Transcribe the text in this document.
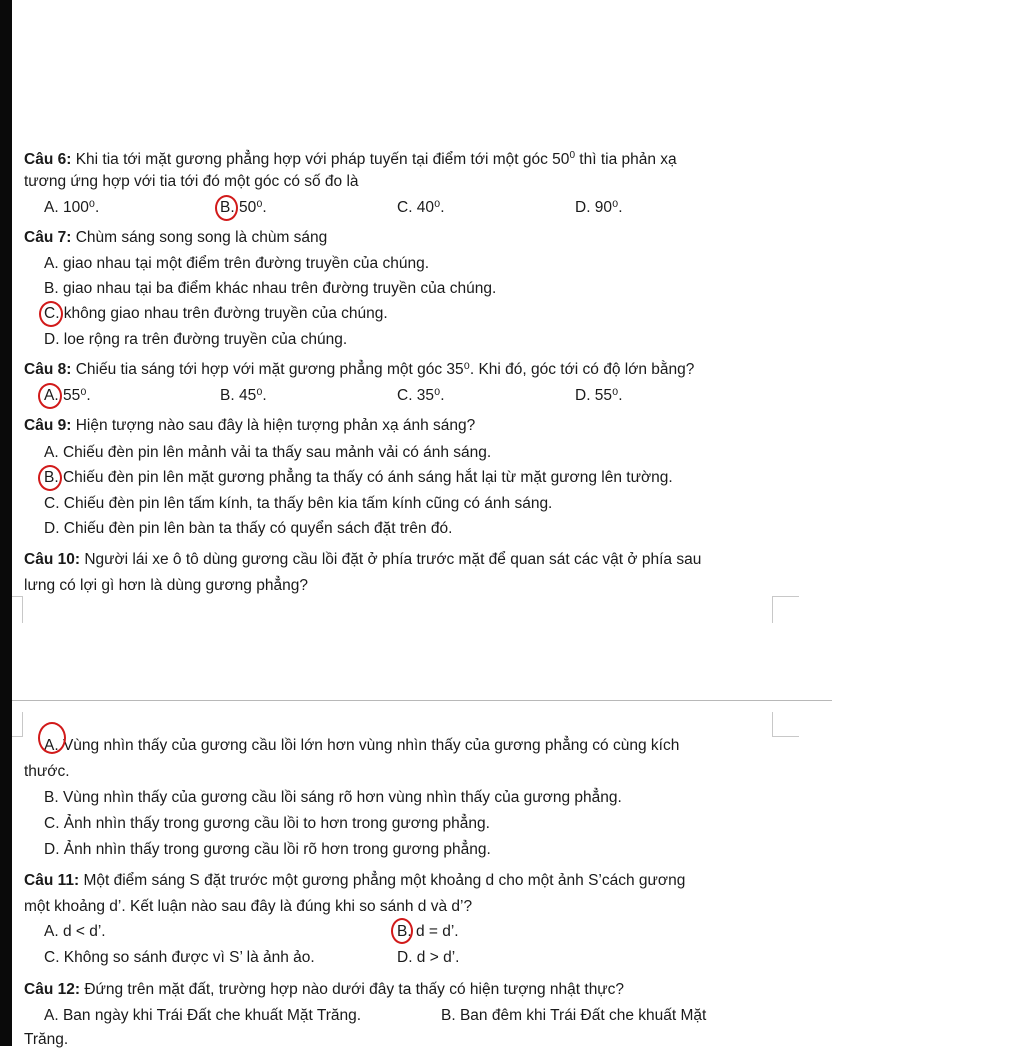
Câu 6: Khi tia tới mặt gương phẳng hợp với pháp tuyến tại điểm tới một góc $50^0$ thì tia phản xạ
tương ứng hợp với tia tới đó một góc có số đo là
A. 100⁰.	B. 50⁰.	C. 40⁰.	D. 90⁰.
Câu 7: Chùm sáng song song là chùm sáng
A. giao nhau tại một điểm trên đường truyền của chúng.
B. giao nhau tại ba điểm khác nhau trên đường truyền của chúng.
C. không giao nhau trên đường truyền của chúng.
D. loe rộng ra trên đường truyền của chúng.
Câu 8: Chiếu tia sáng tới hợp với mặt gương phẳng một góc 35⁰. Khi đó, góc tới có độ lớn bằng?
A. 55⁰.	B. 45⁰.	C. 35⁰.	D. 55⁰.
Câu 9: Hiện tượng nào sau đây là hiện tượng phản xạ ánh sáng?
A. Chiếu đèn pin lên mảnh vải ta thấy sau mảnh vải có ánh sáng.
B. Chiếu đèn pin lên mặt gương phẳng ta thấy có ánh sáng hắt lại từ mặt gương lên tường.
C. Chiếu đèn pin lên tấm kính, ta thấy bên kia tấm kính cũng có ánh sáng.
D. Chiếu đèn pin lên bàn ta thấy có quyển sách đặt trên đó.
Câu 10: Người lái xe ô tô dùng gương cầu lồi đặt ở phía trước mặt để quan sát các vật ở phía sau
lưng có lợi gì hơn là dùng gương phẳng?
A. Vùng nhìn thấy của gương cầu lồi lớn hơn vùng nhìn thấy của gương phẳng có cùng kích
thước.
B. Vùng nhìn thấy của gương cầu lồi sáng rõ hơn vùng nhìn thấy của gương phẳng.
C. Ảnh nhìn thấy trong gương cầu lồi to hơn trong gương phẳng.
D. Ảnh nhìn thấy trong gương cầu lồi rõ hơn trong gương phẳng.
Câu 11: Một điểm sáng S đặt trước một gương phẳng một khoảng d cho một ảnh S’cách gương
một khoảng d’. Kết luận nào sau đây là đúng khi so sánh d và d’?
A. d < d’.	B. d = d’.
C. Không so sánh được vì S’ là ảnh ảo.	D. d > d’.
Câu 12: Đứng trên mặt đất, trường hợp nào dưới đây ta thấy có hiện tượng nhật thực?
A. Ban ngày khi Trái Đất che khuất Mặt Trăng.	B. Ban đêm khi Trái Đất che khuất Mặt
Trăng.
